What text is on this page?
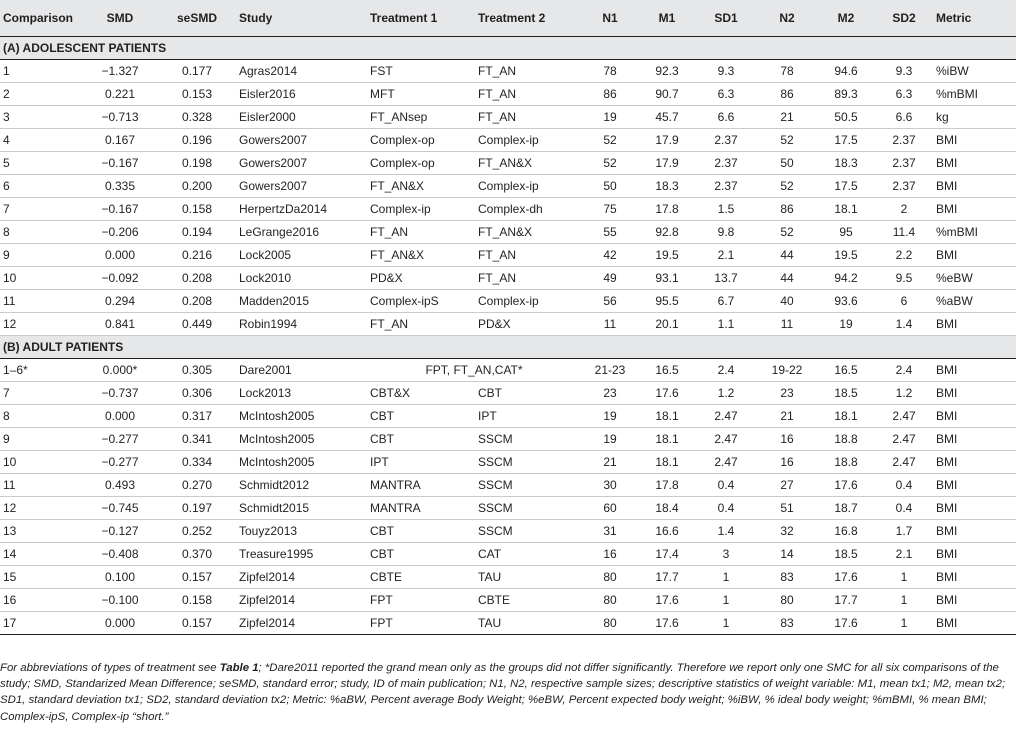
Comparison	SMD	seSMD	Study	Treatment 1	Treatment 2	N1	M1	SD1	N2	M2	SD2	Metric
(A) ADOLESCENT PATIENTS												
1	−1.327	0.177	Agras2014	FST	FT_AN	78	92.3	9.3	78	94.6	9.3	%iBW
2	0.221	0.153	Eisler2016	MFT	FT_AN	86	90.7	6.3	86	89.3	6.3	%mBMI
3	−0.713	0.328	Eisler2000	FT_ANsep	FT_AN	19	45.7	6.6	21	50.5	6.6	kg
4	0.167	0.196	Gowers2007	Complex-op	Complex-ip	52	17.9	2.37	52	17.5	2.37	BMI
5	−0.167	0.198	Gowers2007	Complex-op	FT_AN&X	52	17.9	2.37	50	18.3	2.37	BMI
6	0.335	0.200	Gowers2007	FT_AN&X	Complex-ip	50	18.3	2.37	52	17.5	2.37	BMI
7	−0.167	0.158	HerpertzDa2014	Complex-ip	Complex-dh	75	17.8	1.5	86	18.1	2	BMI
8	−0.206	0.194	LeGrange2016	FT_AN	FT_AN&X	55	92.8	9.8	52	95	11.4	%mBMI
9	0.000	0.216	Lock2005	FT_AN&X	FT_AN	42	19.5	2.1	44	19.5	2.2	BMI
10	−0.092	0.208	Lock2010	PD&X	FT_AN	49	93.1	13.7	44	94.2	9.5	%eBW
11	0.294	0.208	Madden2015	Complex-ipS	Complex-ip	56	95.5	6.7	40	93.6	6	%aBW
12	0.841	0.449	Robin1994	FT_AN	PD&X	11	20.1	1.1	11	19	1.4	BMI
(B) ADULT PATIENTS												
1–6*	0.000*	0.305	Dare2001	FPT, FT_AN,CAT*		21-23	16.5	2.4	19-22	16.5	2.4	BMI
7	−0.737	0.306	Lock2013	CBT&X	CBT	23	17.6	1.2	23	18.5	1.2	BMI
8	0.000	0.317	McIntosh2005	CBT	IPT	19	18.1	2.47	21	18.1	2.47	BMI
9	−0.277	0.341	McIntosh2005	CBT	SSCM	19	18.1	2.47	16	18.8	2.47	BMI
10	−0.277	0.334	McIntosh2005	IPT	SSCM	21	18.1	2.47	16	18.8	2.47	BMI
11	0.493	0.270	Schmidt2012	MANTRA	SSCM	30	17.8	0.4	27	17.6	0.4	BMI
12	−0.745	0.197	Schmidt2015	MANTRA	SSCM	60	18.4	0.4	51	18.7	0.4	BMI
13	−0.127	0.252	Touyz2013	CBT	SSCM	31	16.6	1.4	32	16.8	1.7	BMI
14	−0.408	0.370	Treasure1995	CBT	CAT	16	17.4	3	14	18.5	2.1	BMI
15	0.100	0.157	Zipfel2014	CBTE	TAU	80	17.7	1	83	17.6	1	BMI
16	−0.100	0.158	Zipfel2014	FPT	CBTE	80	17.6	1	80	17.7	1	BMI
17	0.000	0.157	Zipfel2014	FPT	TAU	80	17.6	1	83	17.6	1	BMI
For abbreviations of types of treatment see Table 1; *Dare2011 reported the grand mean only as the groups did not differ significantly. Therefore we report only one SMC for all six comparisons of the study; SMD, Standarized Mean Difference; seSMD, standard error; study, ID of main publication; N1, N2, respective sample sizes; descriptive statistics of weight variable: M1, mean tx1; M2, mean tx2; SD1, standard deviation tx1; SD2, standard deviation tx2; Metric: %aBW, Percent average Body Weight; %eBW, Percent expected body weight; %iBW, % ideal body weight; %mBMI, % mean BMI; Complex-ipS, Complex-ip “short.”
